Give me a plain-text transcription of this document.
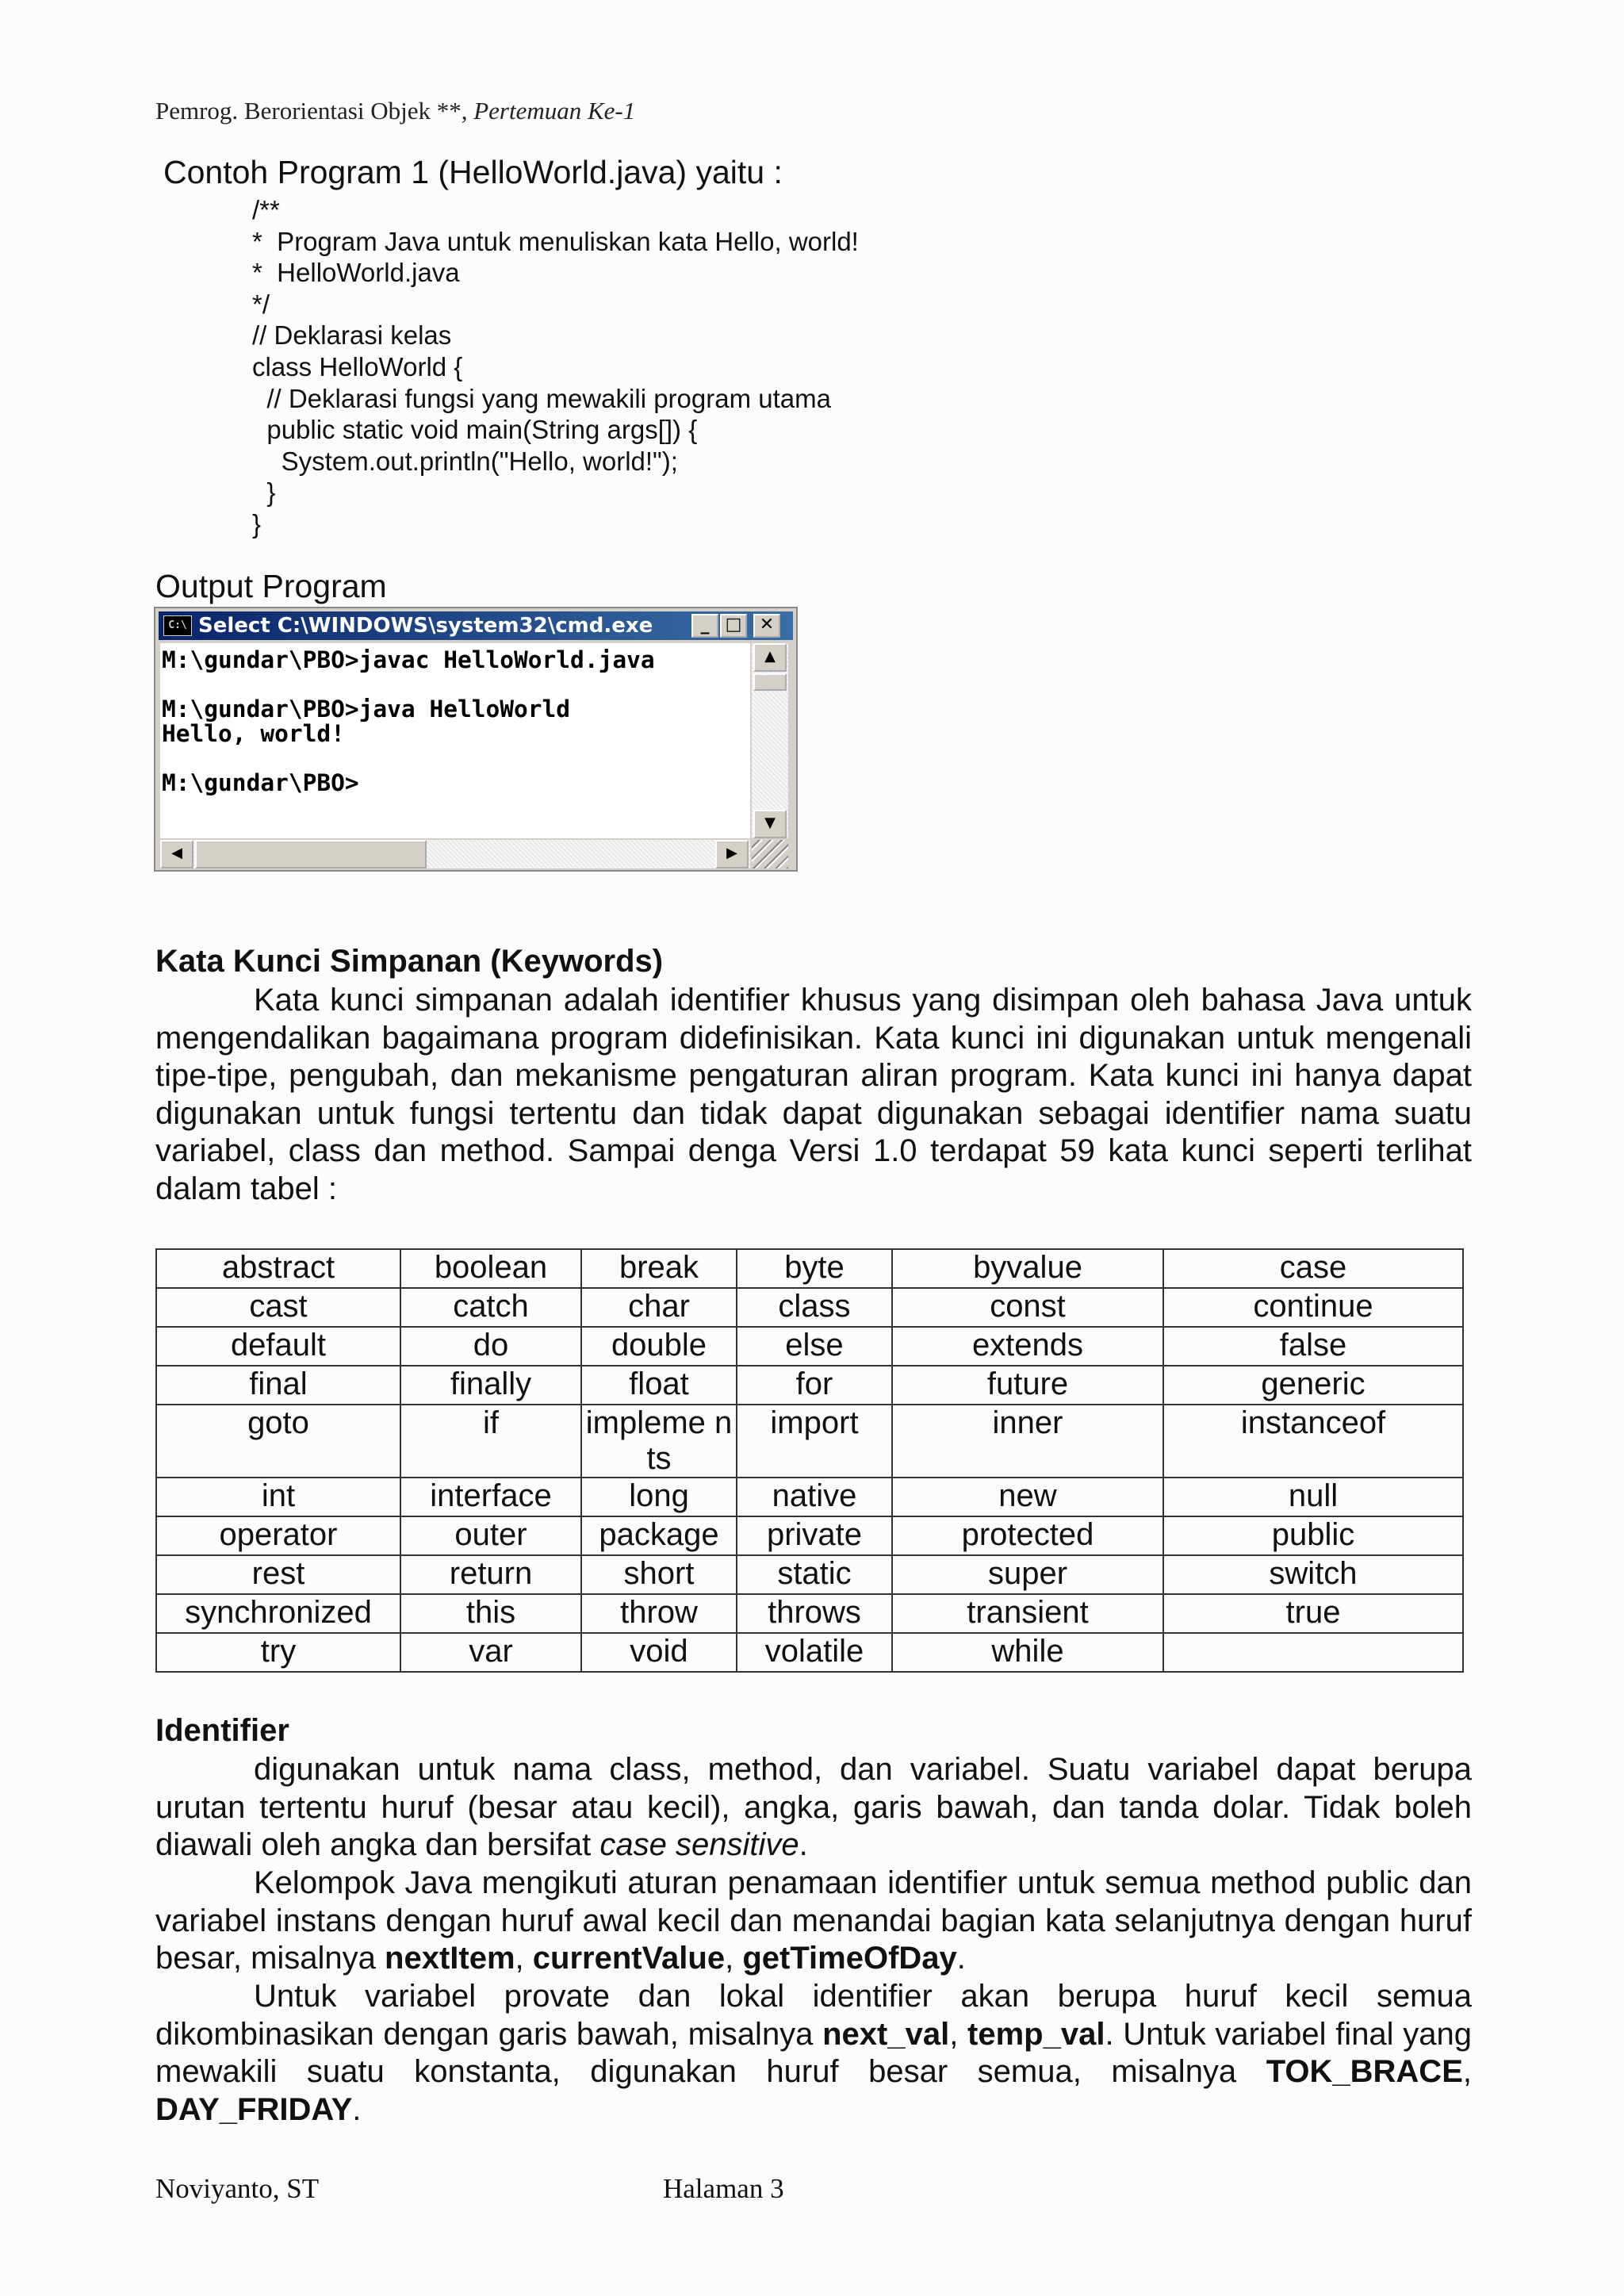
Pemrog. Berorientasi Objek **, Pertemuan Ke-1
Contoh Program 1 (HelloWorld.java) yaitu :
/**
*  Program Java untuk menuliskan kata Hello, world!
*  HelloWorld.java
*/
// Deklarasi kelas
class HelloWorld {
// Deklarasi fungsi yang mewakili program utama
public static void main(String args[]) {
System.out.println("Hello, world!");
}
}
Output Program
C:\ Select C:\WINDOWS\system32\cmd.exe	_ □	✕
M:\gundar\PBO>javac HelloWorld.java
M:\gundar\PBO>java HelloWorld
Hello, world!
M:\gundar\PBO>
▲
▼
◀	▶
Kata Kunci Simpanan (Keywords)

Kata kunci simpanan adalah identifier khusus yang disimpan oleh bahasa Java untuk mengendalikan bagaimana program didefinisikan. Kata kunci ini digunakan untuk mengenali tipe-tipe, pengubah, dan mekanisme pengaturan aliran program. Kata kunci ini hanya dapat digunakan untuk fungsi tertentu dan tidak dapat digunakan sebagai identifier nama suatu variabel, class dan method. Sampai denga Versi 1.0 terdapat 59 kata kunci seperti terlihat dalam tabel :

abstract	boolean	break	byte	byvalue	case
cast	catch	char	class	const	continue
default	do	double	else	extends	false
final	finally	float	for	future	generic
goto	if	impleme nts	import	inner	instanceof
int	interface	long	native	new	null
operator	outer	package	private	protected	public
rest	return	short	static	super	switch
synchronized	this	throw	throws	transient	true
try	var	void	volatile	while	
Identifier

digunakan untuk nama class, method, dan variabel. Suatu variabel dapat berupa urutan tertentu huruf (besar atau kecil), angka, garis bawah, dan tanda dolar. Tidak boleh diawali oleh angka dan bersifat case sensitive.

Kelompok Java mengikuti aturan penamaan identifier untuk semua method public dan variabel instans dengan huruf awal kecil dan menandai bagian kata selanjutnya dengan huruf besar, misalnya nextItem, currentValue, getTimeOfDay.

Untuk variabel provate dan lokal identifier akan berupa huruf kecil semua dikombinasikan dengan garis bawah, misalnya next_val, temp_val. Untuk variabel final yang mewakili suatu konstanta, digunakan huruf besar semua, misalnya TOK_BRACE, DAY_FRIDAY.

Noviyanto, ST	Halaman 3
